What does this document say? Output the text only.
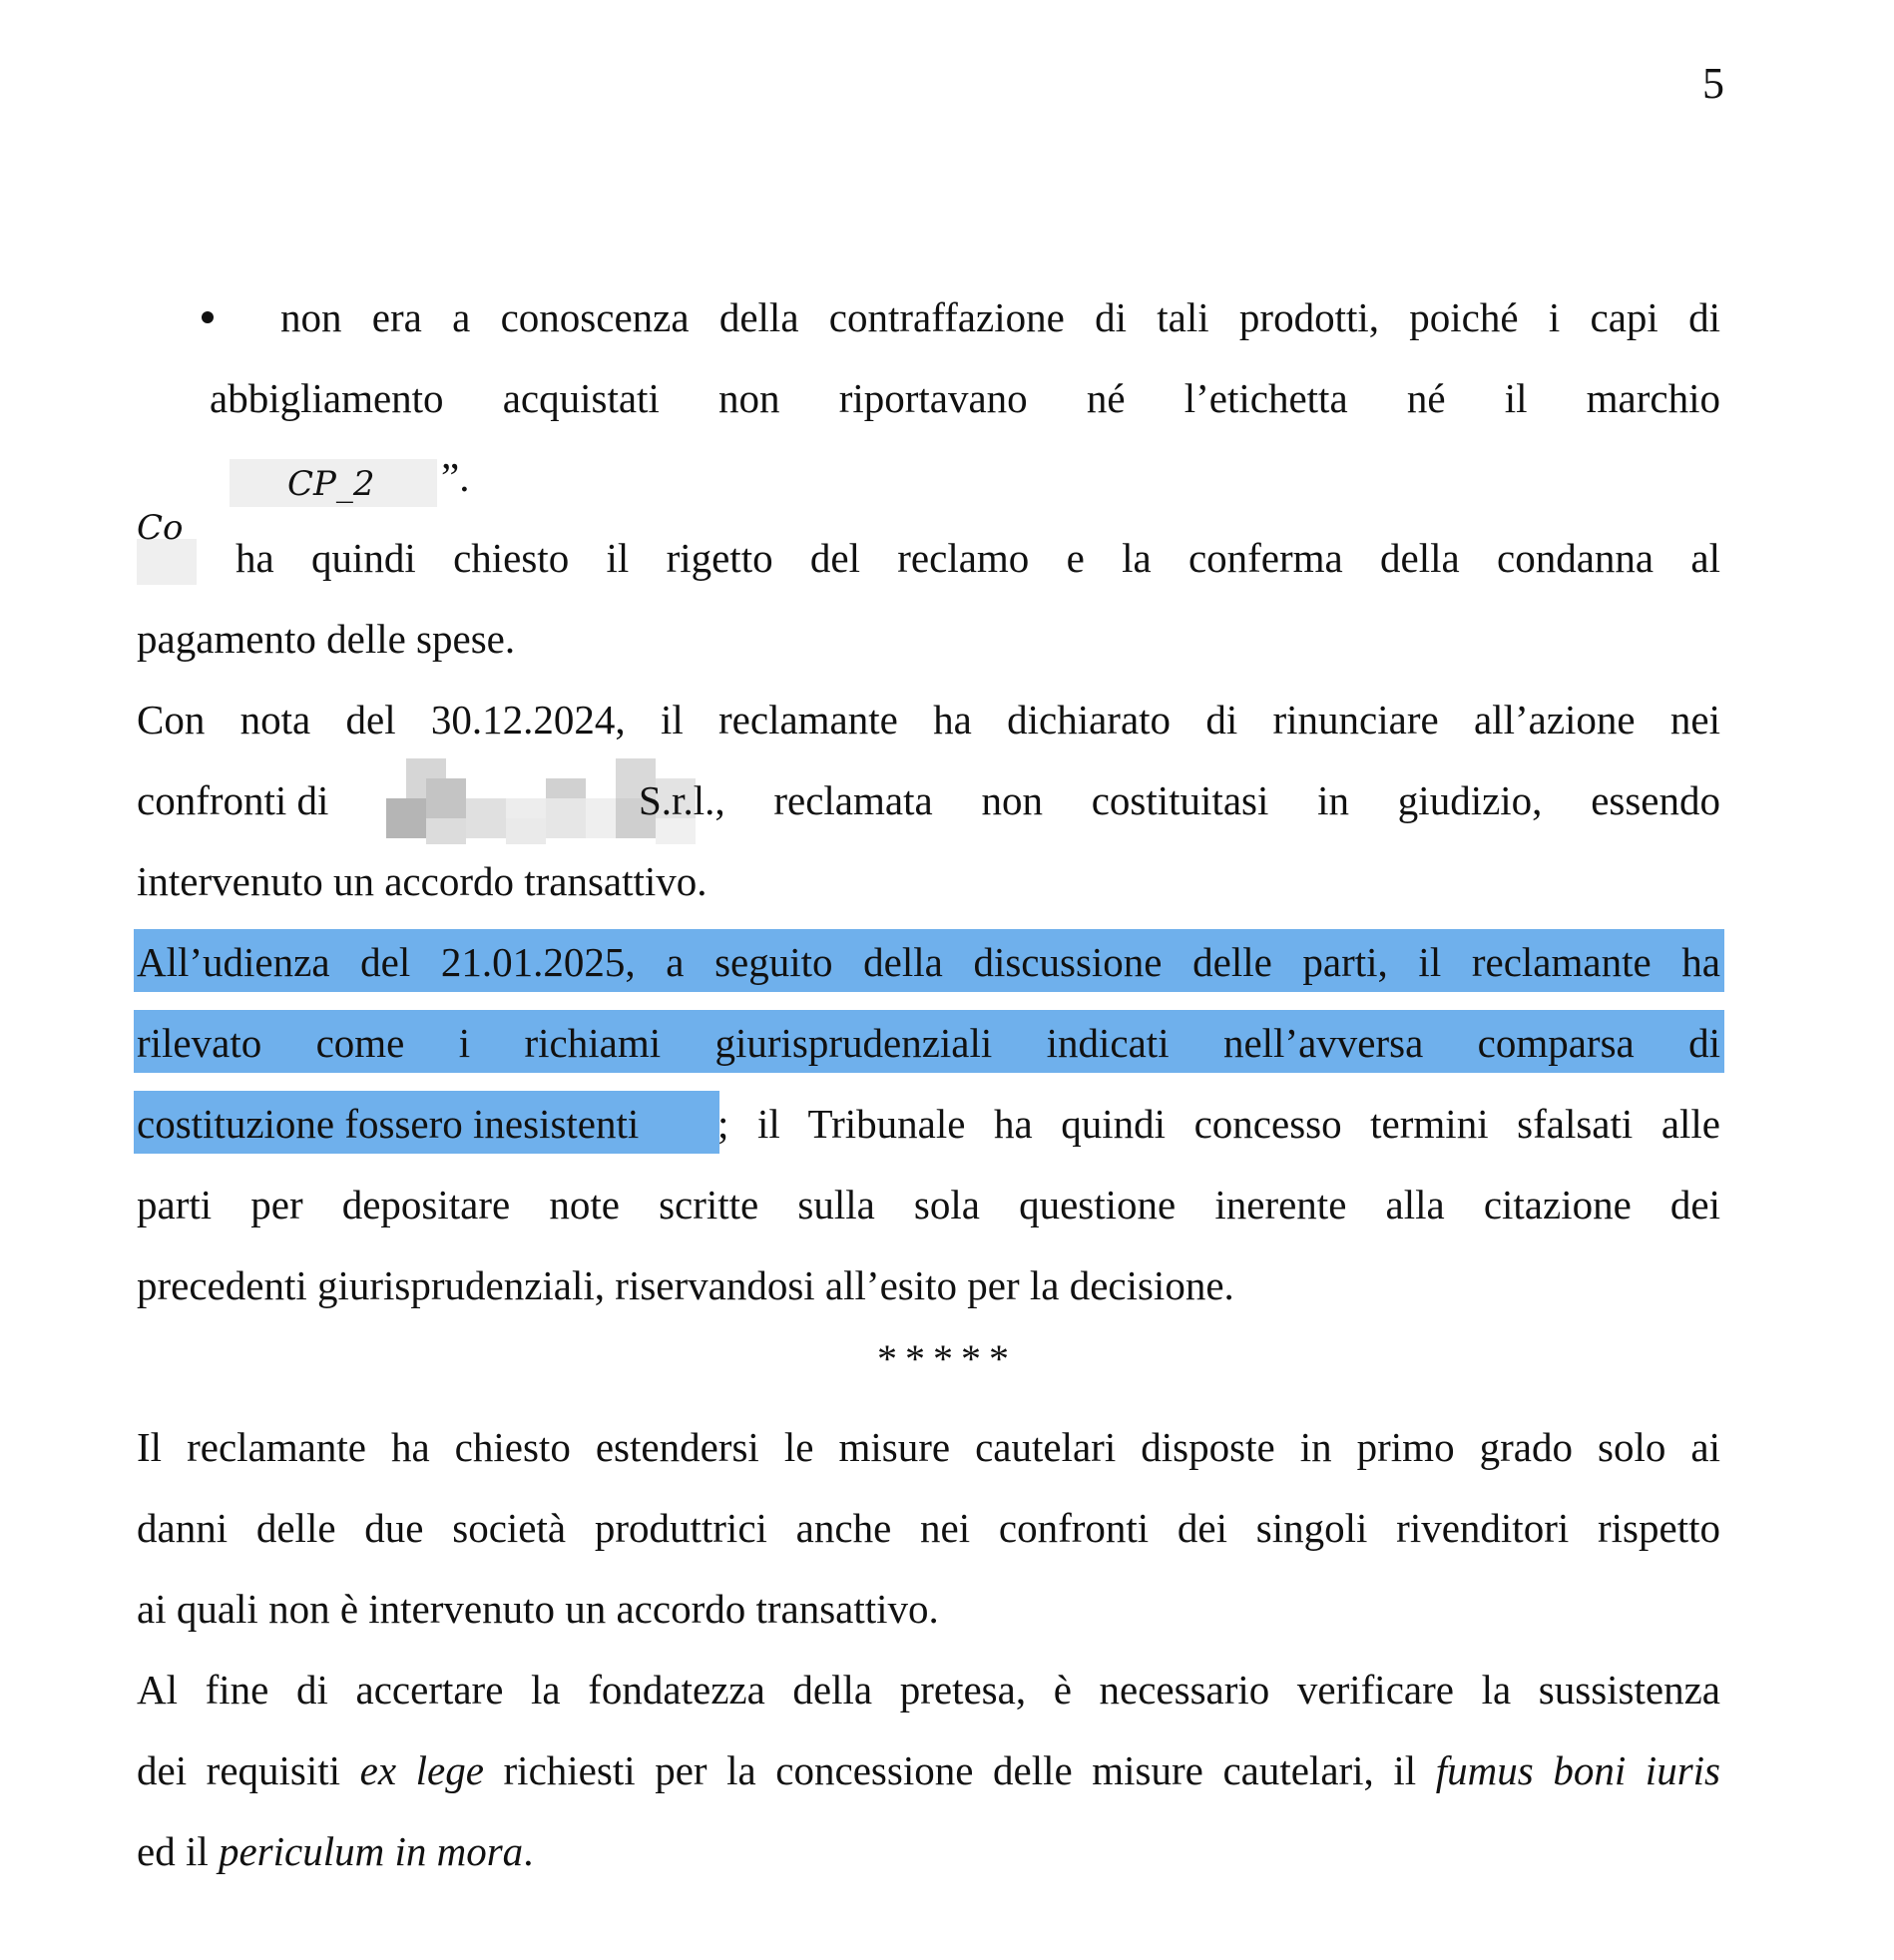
5
non era a conoscenza della contraffazione di tali prodotti, poiché i capi di
abbigliamento acquistati non riportavano né l’etichetta né il marchio
CP_2 ”.
Co
ha quindi chiesto il rigetto del reclamo e la conferma della condanna al
pagamento delle spese.
Con nota del 30.12.2024, il reclamante ha dichiarato di rinunciare all’azione nei
confronti di	S.r.l., reclamata non costituitasi in giudizio, essendo
intervenuto un accordo transattivo.
All’udienza del 21.01.2025, a seguito della discussione delle parti, il reclamante ha
rilevato come i richiami giurisprudenziali indicati nell’avversa comparsa di
costituzione fossero inesistenti ; il Tribunale ha quindi concesso termini sfalsati alle
parti per depositare note scritte sulla sola questione inerente alla citazione dei
precedenti giurisprudenziali, riservandosi all’esito per la decisione.
*****
Il reclamante ha chiesto estendersi le misure cautelari disposte in primo grado solo ai
danni delle due società produttrici anche nei confronti dei singoli rivenditori rispetto
ai quali non è intervenuto un accordo transattivo.
Al fine di accertare la fondatezza della pretesa, è necessario verificare la sussistenza
dei requisiti ex lege richiesti per la concessione delle misure cautelari, il fumus boni iuris
ed il periculum in mora.
